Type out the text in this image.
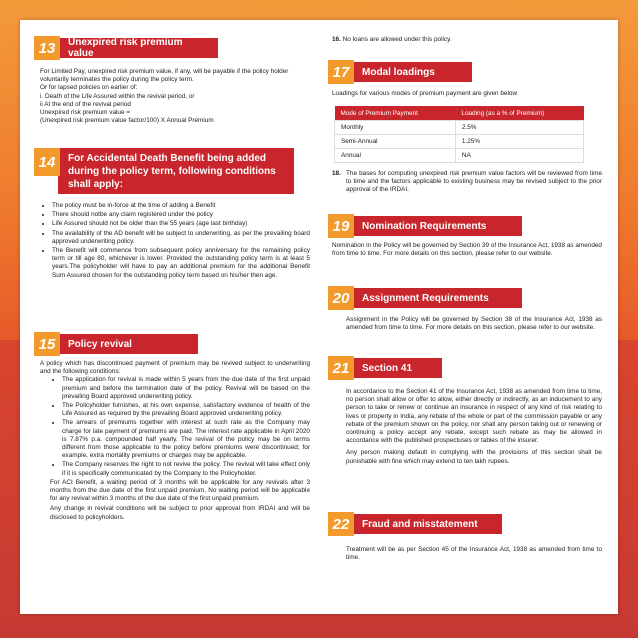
13	Unexpired risk premium value

For Limited Pay, unexpired risk premium value, if any, will be payable if the policy holder voluntarily terminates the policy during the policy term.

Or for lapsed policies on earlier of:

i. Death of the Life Assured within the revival period, or

ii At the end of the revival period

Unexpired risk premium value =

(Unexpired risk premium value factor/100) X Annual Premium

14	For Accidental Death Benefit being added during the policy term, following conditions shall apply:
• The policy must be in-force at the time of adding a Benefit
• There should notbe any claim registered under the policy
• Life Assured should not be older than the 55 years (age last birthday)
• The availability of the AD benefit will be subject to underwriting, as per the prevailing board approved underwriting policy.
• The Benefit will commence from subsequent policy anniversary for the remaining policy term or till age 80, whichever is lower. Provided the outstanding policy term is at least 5 years.The policyholder will have to pay an additional premium for the additional Benefit Sum Assured chosen for the outstanding policy term based on his/her then age.
15	Policy revival

A policy which has discontinued payment of premium may be revived subject to underwriting and the following conditions:

• The application for revival is made within 5 years from the due date of the first unpaid premium and before the termination date of the policy. Revival will be based on the prevailing Board approved underwriting policy.
• The Policyholder furnishes, at his own expense, satisfactory evidence of health of the Life Assured as required by the prevailing Board approved underwriting policy.
• The arrears of premiums together with interest at such rate as the Company may charge for late payment of premiums are paid. The interest rate applicable in April 2020 is 7.87% p.a. compounded half yearly. The revival of the policy may be on terms different from those applicable to the policy before premiums were discontinued; for example, extra mortality premiums or charges may be applicable.
• The Company reserves the right to not revive the policy. The revival will take effect only if it is specifically communicated by the Company to the Policyholder.

For ACI Benefit, a waiting period of 3 months will be applicable for any revivals after 3 months from the due date of the first unpaid premium. No waiting period will be applicable for any revival within 3 months of the due date of the first unpaid premium.

Any change in revival conditions will be subject to prior approval from IRDAI and will be disclosed to policyholders.

16. No loans are allowed under this policy.
17	Modal loadings
Loadings for various modes of premium payment are given below
Mode of Premium Payment	Loading (as a % of Premium)
Monthly	2.5%
Semi-Annual	1.25%
Annual	NA
18. The bases for computing unexpired risk premium value factors will be reviewed from time to time and the factors applicable to existing business may be revised subject to the prior approval of the IRDAI.
19	Nomination Requirements
Nomination in the Policy will be governed by Section 39 of the Insurance Act, 1938 as amended from time to time. For more details on this section, please refer to our website.
20	Assignment Requirements
Assignment in the Policy will be governed by Section 38 of the Insurance Act, 1938 as amended from time to time. For more details on this section, please refer to our website.
21	Section 41

In accordance to the Section 41 of the Insurance Act, 1938 as amended from time to time, no person shall allow or offer to allow, either directly or indirectly, as an inducement to any person to take or renew or continue an insurance in respect of any kind of risk relating to lives or property in India, any rebate of the whole or part of the commission payable or any rebate of the premium shown on the policy, nor shall any person taking out or renewing or continuing a policy accept any rebate, except such rebate as may be allowed in accordance with the published prospectuses or tables of the insurer.

Any person making default in complying with the provisions of this section shall be punishable with fine which may extend to ten lakh rupees.

22	Fraud and misstatement
Treatment will be as per Section 45 of the Insurance Act, 1938 as amended from time to time.
